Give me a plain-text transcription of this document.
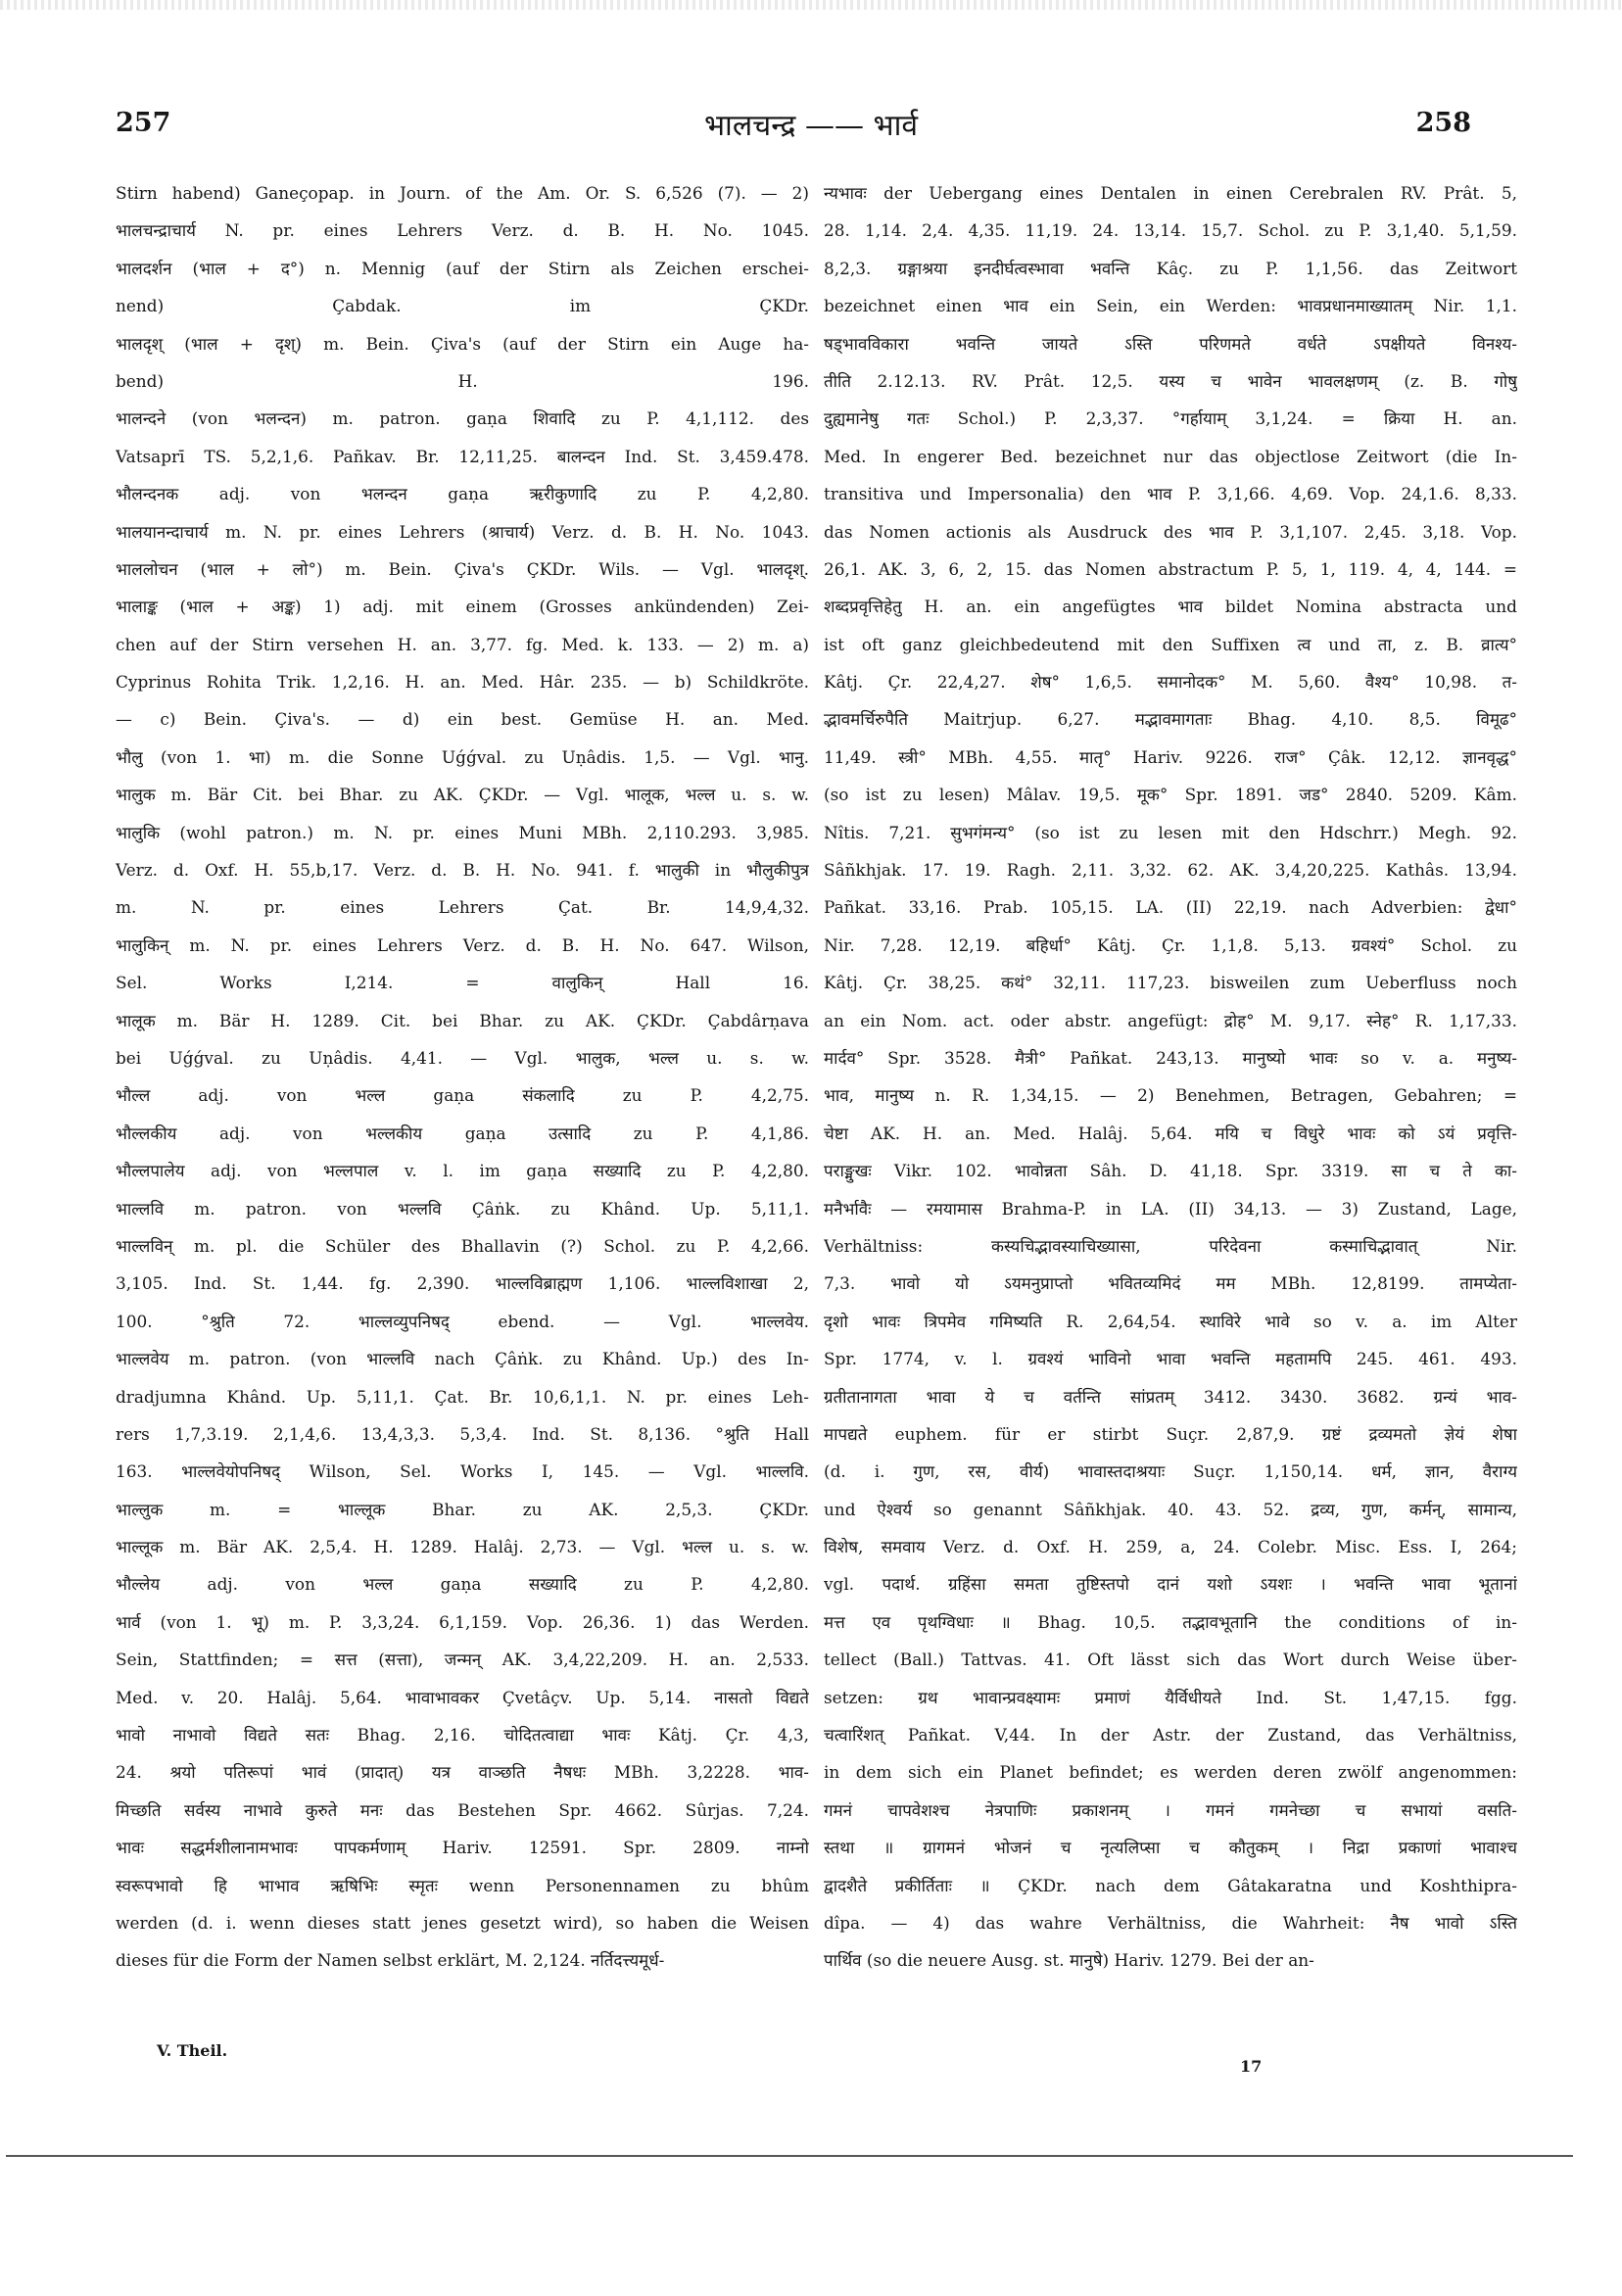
257	भालचन्द्र —— भार्व	258
Stirn habend) Ganeçopap. in Journ. of the Am. Or. S. 6,526 (7). — 2)
भालचन्द्राचार्य N. pr. eines Lehrers Verz. d. B. H. No. 1045.
भालदर्शन (भाल + द°) n. Mennig (auf der Stirn als Zeichen erschei-
nend) Çabdak. im ÇKDr.
भालदृश् (भाल + दृश्) m. Bein. Çiva's (auf der Stirn ein Auge ha-
bend) H. 196.
भालन्दने (von भलन्दन) m. patron. gaṇa शिवादि zu P. 4,1,112. des
Vatsaprī TS. 5,2,1,6. Pañkav. Br. 12,11,25. बालन्दन Ind. St. 3,459.478.
भौलन्दनक adj. von भलन्दन gaṇa ऋरीकुणादि zu P. 4,2,80.
भालयानन्दाचार्य m. N. pr. eines Lehrers (श्राचार्य) Verz. d. B. H. No. 1043.
भाललोचन (भाल + लो°) m. Bein. Çiva's ÇKDr. Wils. — Vgl. भालदृश्.
भालाङ्क (भाल + अङ्क) 1) adj. mit einem (Grosses ankündenden) Zei-
chen auf der Stirn versehen H. an. 3,77. fg. Med. k. 133. — 2) m. a)
Cyprinus Rohita Trik. 1,2,16. H. an. Med. Hâr. 235. — b) Schildkröte.
— c) Bein. Çiva's. — d) ein best. Gemüse H. an. Med.
भौलु (von 1. भा) m. die Sonne Uǵǵval. zu Uṇâdis. 1,5. — Vgl. भानु.
भालुक m. Bär Cit. bei Bhar. zu AK. ÇKDr. — Vgl. भालूक, भल्ल u. s. w.
भालुकि (wohl patron.) m. N. pr. eines Muni MBh. 2,110.293. 3,985.
Verz. d. Oxf. H. 55,b,17. Verz. d. B. H. No. 941. f. भालुकी in भौलुकीपुत्र
m. N. pr. eines Lehrers Çat. Br. 14,9,4,32.
भालुकिन् m. N. pr. eines Lehrers Verz. d. B. H. No. 647. Wilson,
Sel. Works I,214. = वालुकिन् Hall 16.
भालूक m. Bär H. 1289. Cit. bei Bhar. zu AK. ÇKDr. Çabdârṇava
bei Uǵǵval. zu Uṇâdis. 4,41. — Vgl. भालुक, भल्ल u. s. w.
भौल्ल adj. von भल्ल gaṇa संकलादि zu P. 4,2,75.
भौल्लकीय adj. von भल्लकीय gaṇa उत्सादि zu P. 4,1,86.
भौल्लपालेय adj. von भल्लपाल v. l. im gaṇa सख्यादि zu P. 4,2,80.
भाल्लवि m. patron. von भल्लवि Çâṅk. zu Khând. Up. 5,11,1.
भाल्लविन् m. pl. die Schüler des Bhallavin (?) Schol. zu P. 4,2,66.
3,105. Ind. St. 1,44. fg. 2,390. भाल्लविब्राह्मण 1,106. भाल्लविशाखा 2,
100. °श्रुति 72. भाल्लव्युपनिषद् ebend. — Vgl. भाल्लवेय.
भाल्लवेय m. patron. (von भाल्लवि nach Çâṅk. zu Khând. Up.) des In-
dradjumna Khând. Up. 5,11,1. Çat. Br. 10,6,1,1. N. pr. eines Leh-
rers 1,7,3.19. 2,1,4,6. 13,4,3,3. 5,3,4. Ind. St. 8,136. °श्रुति Hall
163. भाल्लवेयोपनिषद् Wilson, Sel. Works I, 145. — Vgl. भाल्लवि.
भाल्लुक m. = भाल्लूक Bhar. zu AK. 2,5,3. ÇKDr.
भाल्लूक m. Bär AK. 2,5,4. H. 1289. Halâj. 2,73. — Vgl. भल्ल u. s. w.
भौल्लेय adj. von भल्ल gaṇa सख्यादि zu P. 4,2,80.
भार्व (von 1. भू) m. P. 3,3,24. 6,1,159. Vop. 26,36. 1) das Werden.
Sein, Stattfinden; = सत्त (सत्ता), जन्मन् AK. 3,4,22,209. H. an. 2,533.
Med. v. 20. Halâj. 5,64. भावाभावकर Çvetâçv. Up. 5,14. नासतो विद्यते
भावो नाभावो विद्यते सतः Bhag. 2,16. चोदितत्वाद्या भावः Kâtj. Çr. 4,3,
24. श्रयो पतिरूपां भावं (प्रादात्) यत्र वाञ्छति नैषधः MBh. 3,2228. भाव-
मिच्छति सर्वस्य नाभावे कुरुते मनः das Bestehen Spr. 4662. Sûrjas. 7,24.
भावः सद्धर्मशीलानामभावः पापकर्मणाम् Hariv. 12591. Spr. 2809. नाम्नो
स्वरूपभावो हि भाभाव ऋषिभिः स्मृतः wenn Personennamen zu bhûm
werden (d. i. wenn dieses statt jenes gesetzt wird), so haben die Weisen
dieses für die Form der Namen selbst erklärt, M. 2,124. नर्तिदत्त्यमूर्ध-
न्यभावः der Uebergang eines Dentalen in einen Cerebralen RV. Prât. 5,
28. 1,14. 2,4. 4,35. 11,19. 24. 13,14. 15,7. Schol. zu P. 3,1,40. 5,1,59.
8,2,3. ग्रङ्गाश्रया इनदीर्घत्वस्भावा भवन्ति Kâç. zu P. 1,1,56. das Zeitwort
bezeichnet einen भाव ein Sein, ein Werden: भावप्रधानमाख्यातम् Nir. 1,1.
षड्भावविकारा भवन्ति जायते ऽस्ति परिणमते वर्धते ऽपक्षीयते विनश्य-
तीति 2.12.13. RV. Prât. 12,5. यस्य च भावेन भावलक्षणम् (z. B. गोषु
दुह्यमानेषु गतः Schol.) P. 2,3,37. °गर्हायाम् 3,1,24. = क्रिया H. an.
Med. In engerer Bed. bezeichnet nur das objectlose Zeitwort (die In-
transitiva und Impersonalia) den भाव P. 3,1,66. 4,69. Vop. 24,1.6. 8,33.
das Nomen actionis als Ausdruck des भाव P. 3,1,107. 2,45. 3,18. Vop.
26,1. AK. 3, 6, 2, 15. das Nomen abstractum P. 5, 1, 119. 4, 4, 144. =
शब्दप्रवृत्तिहेतु H. an. ein angefügtes भाव bildet Nomina abstracta und
ist oft ganz gleichbedeutend mit den Suffixen त्व und ता, z. B. व्रात्य°
Kâtj. Çr. 22,4,27. शेष° 1,6,5. समानोदक° M. 5,60. वैश्य° 10,98. त-
द्भावमर्चिरुपैति Maitrjup. 6,27. मद्भावमागताः Bhag. 4,10. 8,5. विमूढ°
11,49. स्त्री° MBh. 4,55. मातृ° Hariv. 9226. राज° Çâk. 12,12. ज्ञानवृद्ध°
(so ist zu lesen) Mâlav. 19,5. मूक° Spr. 1891. जड° 2840. 5209. Kâm.
Nîtis. 7,21. सुभगंमन्य° (so ist zu lesen mit den Hdschrr.) Megh. 92.
Sâñkhjak. 17. 19. Ragh. 2,11. 3,32. 62. AK. 3,4,20,225. Kathâs. 13,94.
Pañkat. 33,16. Prab. 105,15. LA. (II) 22,19. nach Adverbien: द्वेधा°
Nir. 7,28. 12,19. बहिर्धा° Kâtj. Çr. 1,1,8. 5,13. ग्रवश्यं° Schol. zu
Kâtj. Çr. 38,25. कथं° 32,11. 117,23. bisweilen zum Ueberfluss noch
an ein Nom. act. oder abstr. angefügt: द्रोह° M. 9,17. स्नेह° R. 1,17,33.
मार्दव° Spr. 3528. मैत्री° Pañkat. 243,13. मानुष्यो भावः so v. a. मनुष्य-
भाव, मानुष्य n. R. 1,34,15. — 2) Benehmen, Betragen, Gebahren; =
चेष्टा AK. H. an. Med. Halâj. 5,64. मयि च विधुरे भावः को ऽयं प्रवृत्ति-
पराङ्मुखः Vikr. 102. भावोन्नता Sâh. D. 41,18. Spr. 3319. सा च ते का-
मनैर्भावैः — रमयामास Brahma-P. in LA. (II) 34,13. — 3) Zustand, Lage,
Verhältniss: कस्यचिद्भावस्याचिख्यासा, परिदेवना कस्माचिद्भावात् Nir.
7,3. भावो यो ऽयमनुप्राप्तो भवितव्यमिदं मम MBh. 12,8199. तामप्येता-
दृशो भावः त्रिपमेव गमिष्यति R. 2,64,54. स्थाविरे भावे so v. a. im Alter
Spr. 1774, v. l. ग्रवश्यं भाविनो भावा भवन्ति महतामपि 245. 461. 493.
ग्रतीतानागता भावा ये च वर्तन्ति सांप्रतम् 3412. 3430. 3682. ग्रन्यं भाव-
मापद्यते euphem. für er stirbt Suçr. 2,87,9. ग्रष्टं द्रव्यमतो ज्ञेयं शेषा
(d. i. गुण, रस, वीर्य) भावास्तदाश्रयाः Suçr. 1,150,14. धर्म, ज्ञान, वैराग्य
und ऐश्वर्य so genannt Sâñkhjak. 40. 43. 52. द्रव्य, गुण, कर्मन्, सामान्य,
विशेष, समवाय Verz. d. Oxf. H. 259, a, 24. Colebr. Misc. Ess. I, 264;
vgl. पदार्थ. ग्रहिंसा समता तुष्टिस्तपो दानं यशो ऽयशः । भवन्ति भावा भूतानां
मत्त एव पृथग्विधाः ॥ Bhag. 10,5. तद्भावभूतानि the conditions of in-
tellect (Ball.) Tattvas. 41. Oft lässt sich das Wort durch Weise über-
setzen: ग्रथ भावान्प्रवक्ष्यामः प्रमाणं यैर्विधीयते Ind. St. 1,47,15. fgg.
चत्वारिंशत् Pañkat. V,44. In der Astr. der Zustand, das Verhältniss,
in dem sich ein Planet befindet; es werden deren zwölf angenommen:
गमनं चापवेशश्च नेत्रपाणिः प्रकाशनम् । गमनं गमनेच्छा च सभायां वसति-
स्तथा ॥ ग्रागमनं भोजनं च नृत्यलिप्सा च कौतुकम् । निद्रा प्रकाणां भावाश्च
द्वादशैते प्रकीर्तिताः ॥ ÇKDr. nach dem Gâtakaratna und Koshthipra-
dîpa. — 4) das wahre Verhältniss, die Wahrheit: नैष भावो ऽस्ति
पार्थिव (so die neuere Ausg. st. मानुषे) Hariv. 1279. Bei der an-
V. Theil.
17
